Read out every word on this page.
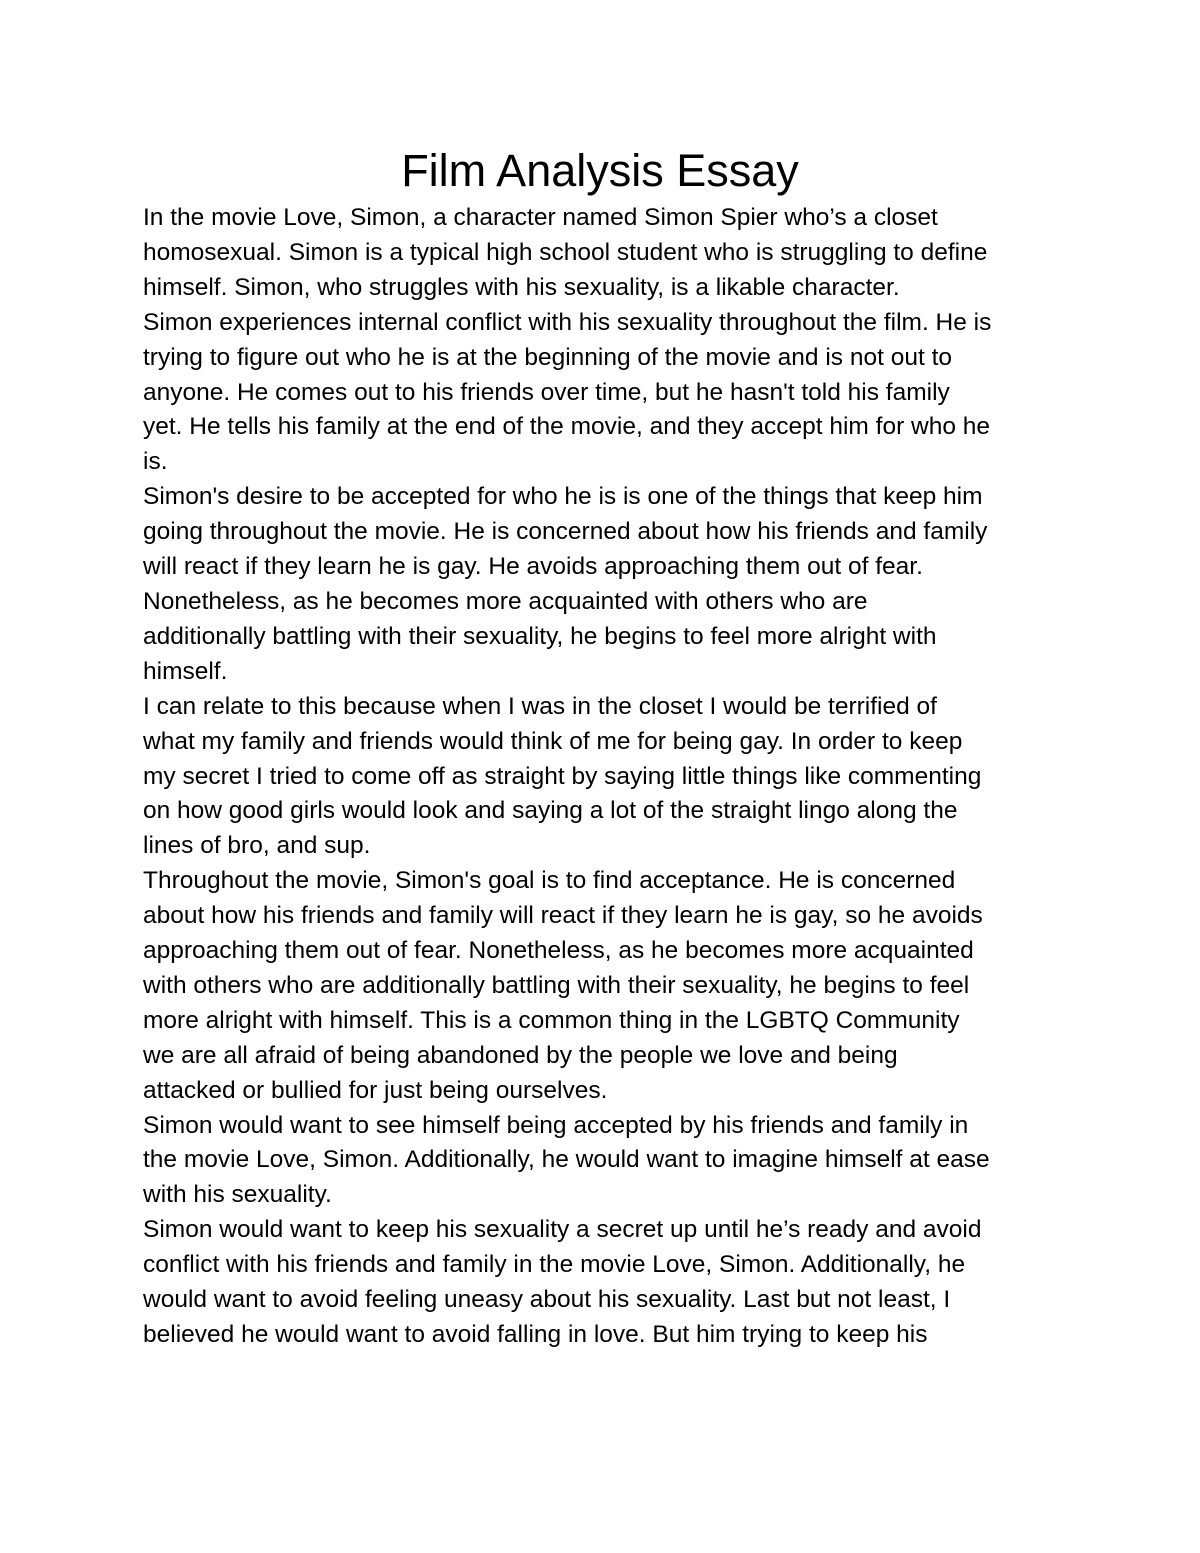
Film Analysis Essay
In the movie Love, Simon, a character named Simon Spier who’s a closet
homosexual. Simon is a typical high school student who is struggling to define
himself. Simon, who struggles with his sexuality, is a likable character.
Simon experiences internal conflict with his sexuality throughout the film. He is
trying to figure out who he is at the beginning of the movie and is not out to
anyone. He comes out to his friends over time, but he hasn't told his family
yet. He tells his family at the end of the movie, and they accept him for who he
is.
Simon's desire to be accepted for who he is is one of the things that keep him
going throughout the movie. He is concerned about how his friends and family
will react if they learn he is gay. He avoids approaching them out of fear.
Nonetheless, as he becomes more acquainted with others who are
additionally battling with their sexuality, he begins to feel more alright with
himself.
I can relate to this because when I was in the closet I would be terrified of
what my family and friends would think of me for being gay. In order to keep
my secret I tried to come off as straight by saying little things like commenting
on how good girls would look and saying a lot of the straight lingo along the
lines of bro, and sup.
Throughout the movie, Simon's goal is to find acceptance. He is concerned
about how his friends and family will react if they learn he is gay, so he avoids
approaching them out of fear. Nonetheless, as he becomes more acquainted
with others who are additionally battling with their sexuality, he begins to feel
more alright with himself. This is a common thing in the LGBTQ Community
we are all afraid of being abandoned by the people we love and being
attacked or bullied for just being ourselves.
Simon would want to see himself being accepted by his friends and family in
the movie Love, Simon. Additionally, he would want to imagine himself at ease
with his sexuality.
Simon would want to keep his sexuality a secret up until he’s ready and avoid
conflict with his friends and family in the movie Love, Simon. Additionally, he
would want to avoid feeling uneasy about his sexuality. Last but not least, I
believed he would want to avoid falling in love. But him trying to keep his
